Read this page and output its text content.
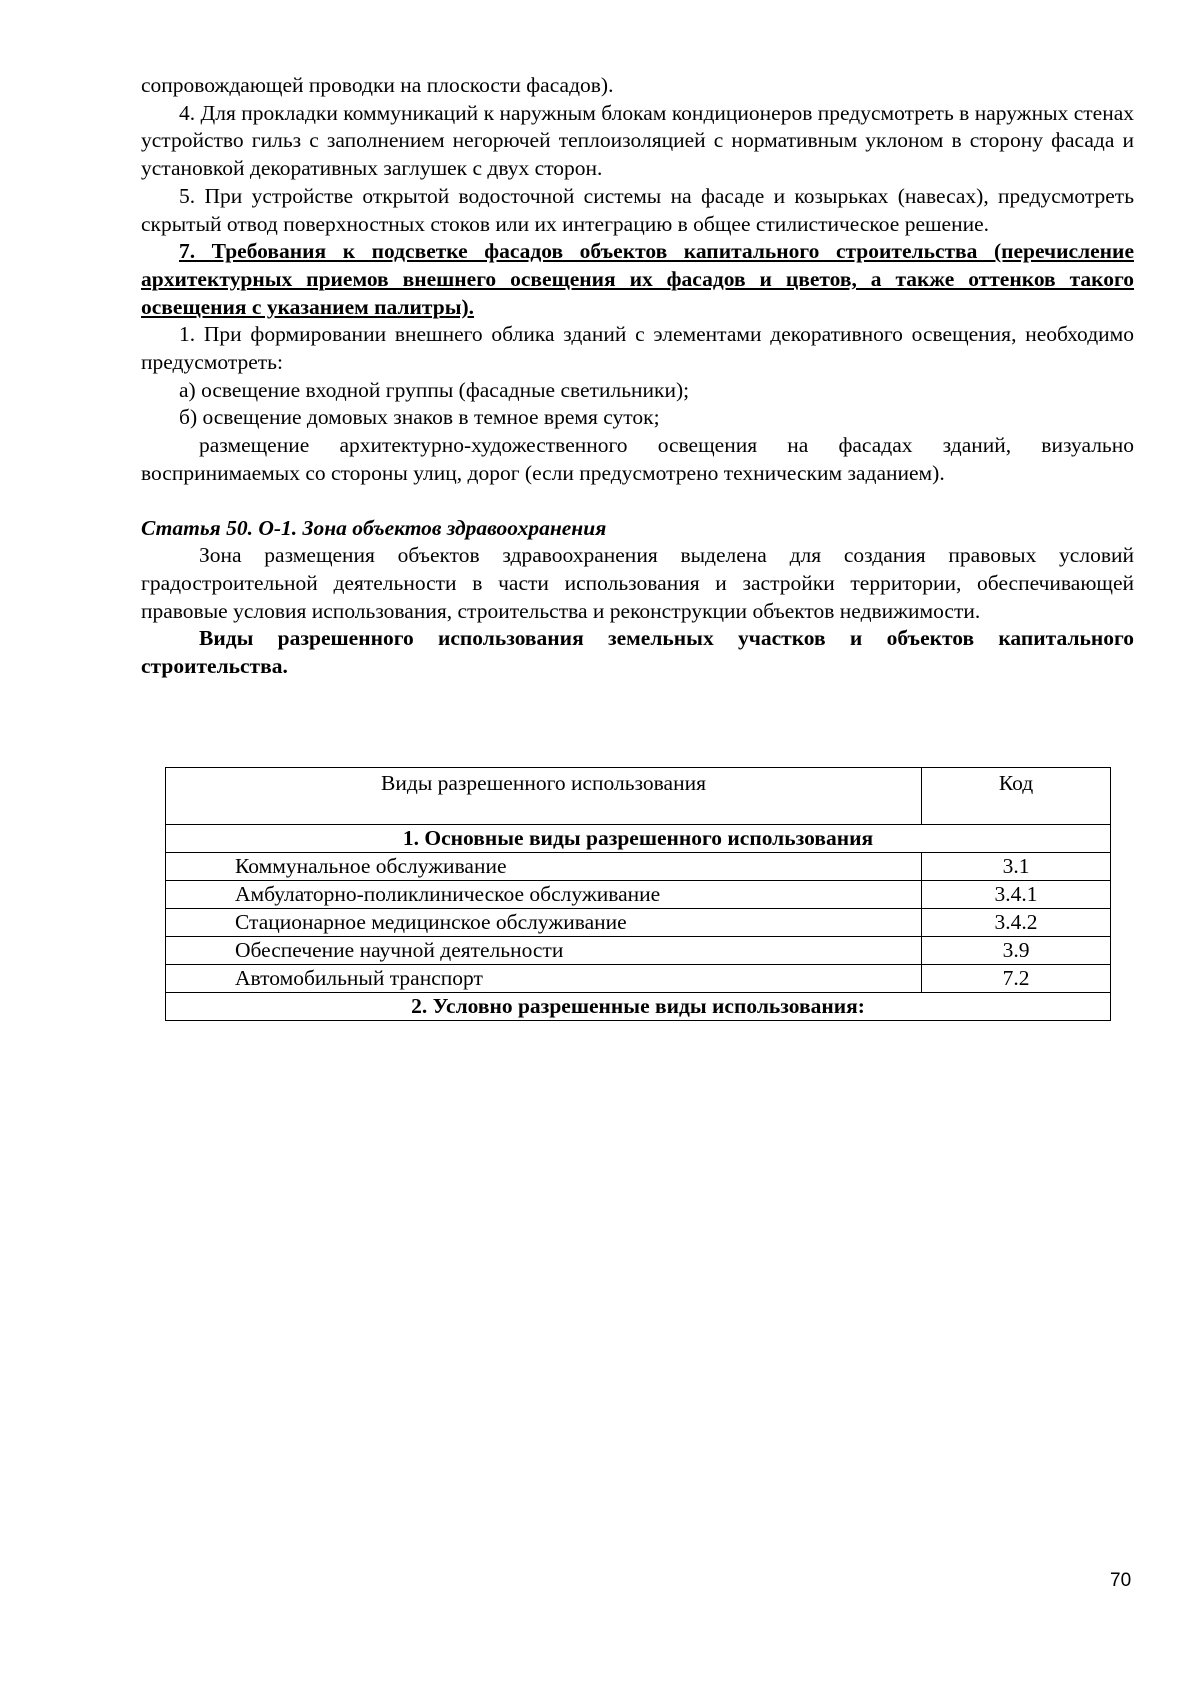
сопровождающей проводки на плоскости фасадов).

4. Для прокладки коммуникаций к наружным блокам кондиционеров предусмотреть в наружных стенах устройство гильз с заполнением негорючей теплоизоляцией с нормативным уклоном в сторону фасада и установкой декоративных заглушек с двух сторон.

5. При устройстве открытой водосточной системы на фасаде и козырьках (навесах), предусмотреть скрытый отвод поверхностных стоков или их интеграцию в общее стилистическое решение.

7. Требования к подсветке фасадов объектов капитального строительства (перечисление архитектурных приемов внешнего освещения их фасадов и цветов, а также оттенков такого освещения с указанием палитры).

1. При формировании внешнего облика зданий с элементами декоративного освещения, необходимо предусмотреть:

а) освещение входной группы (фасадные светильники);

б) освещение домовых знаков в темное время суток;

размещение архитектурно-художественного освещения на фасадах зданий, визуально воспринимаемых со стороны улиц, дорог (если предусмотрено техническим заданием).

Статья 50. О-1. Зона объектов здравоохранения

Зона размещения объектов здравоохранения выделена для создания правовых условий градостроительной деятельности в части использования и застройки территории, обеспечивающей правовые условия использования, строительства и реконструкции объектов недвижимости.

Виды разрешенного использования земельных участков и объектов капитального строительства.

Виды разрешенного использования	Код
1. Основные виды разрешенного использования	
Коммунальное обслуживание	3.1
Амбулаторно-поликлиническое обслуживание	3.4.1
Стационарное медицинское обслуживание	3.4.2
Обеспечение научной деятельности	3.9
Автомобильный транспорт	7.2
2. Условно разрешенные виды использования:	
70
